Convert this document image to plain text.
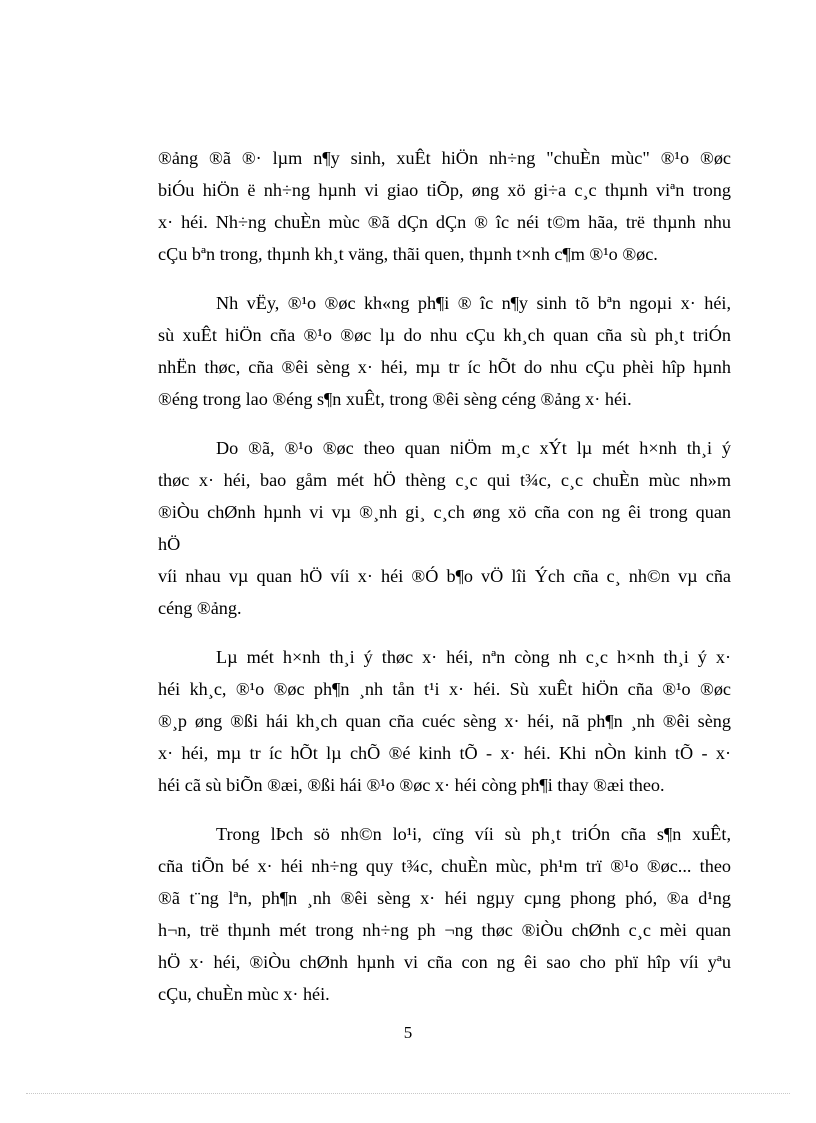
®ảng ®ã ®· lµm n¶y sinh, xuÊt hiÖn nh÷ng "chuÈn mùc" ®¹o ®øc
biÓu hiÖn ë nh÷ng hµnh vi giao tiÕp, øng xö gi÷a c¸c thµnh viªn trong
x· héi. Nh÷ng chuÈn mùc ®ã dÇn dÇn ® îc néi t©m hãa, trë thµnh nhu
cÇu bªn trong, thµnh kh¸t väng, thãi quen, thµnh t×nh c¶m ®¹o ®øc.

Nh vËy, ®¹o ®øc kh«ng ph¶i ® îc n¶y sinh tõ bªn ngoµi x· héi,
sù xuÊt hiÖn cña ®¹o ®øc lµ do nhu cÇu kh¸ch quan cña sù ph¸t triÓn
nhËn thøc, cña ®êi sèng x· héi, mµ tr íc hÕt do nhu cÇu phèi hîp hµnh
®éng trong lao ®éng s¶n xuÊt, trong ®êi sèng céng ®ảng x· héi.

Do ®ã, ®¹o ®øc theo quan niÖm m¸c xÝt lµ mét h×nh th¸i ý
thøc x· héi, bao gåm mét hÖ thèng c¸c qui t¾c, c¸c chuÈn mùc nh»m
®iÒu chØnh hµnh vi vµ ®¸nh gi¸ c¸ch øng xö cña con ng êi trong quan
hÖ
víi nhau vµ quan hÖ víi x· héi ®Ó b¶o vÖ lîi Ých cña c¸ nh©n vµ cña
céng ®ảng.

Lµ mét h×nh th¸i ý thøc x· héi, nªn còng nh c¸c h×nh th¸i ý x·
héi kh¸c, ®¹o ®øc ph¶n ¸nh tån t¹i x· héi. Sù xuÊt hiÖn cña ®¹o ®øc
®¸p øng ®ßi hái kh¸ch quan cña cuéc sèng x· héi, nã ph¶n ¸nh ®êi sèng
x· héi, mµ tr íc hÕt lµ chÕ ®é kinh tÕ - x· héi. Khi nÒn kinh tÕ - x·
héi cã sù biÕn ®æi, ®ßi hái ®¹o ®øc x· héi còng ph¶i thay ®æi theo.

Trong lÞch sö nh©n lo¹i, cïng víi sù ph¸t triÓn cña s¶n xuÊt,
cña tiÕn bé x· héi nh÷ng quy t¾c, chuÈn mùc, ph¹m trï ®¹o ®øc... theo
®ã t¨ng lªn, ph¶n ¸nh ®êi sèng x· héi ngµy cµng phong phó, ®a d¹ng
h¬n, trë thµnh mét trong nh÷ng ph ¬ng thøc ®iÒu chØnh c¸c mèi quan
hÖ x· héi, ®iÒu chØnh hµnh vi cña con ng êi sao cho phï hîp víi yªu
cÇu, chuÈn mùc x· héi.

5
